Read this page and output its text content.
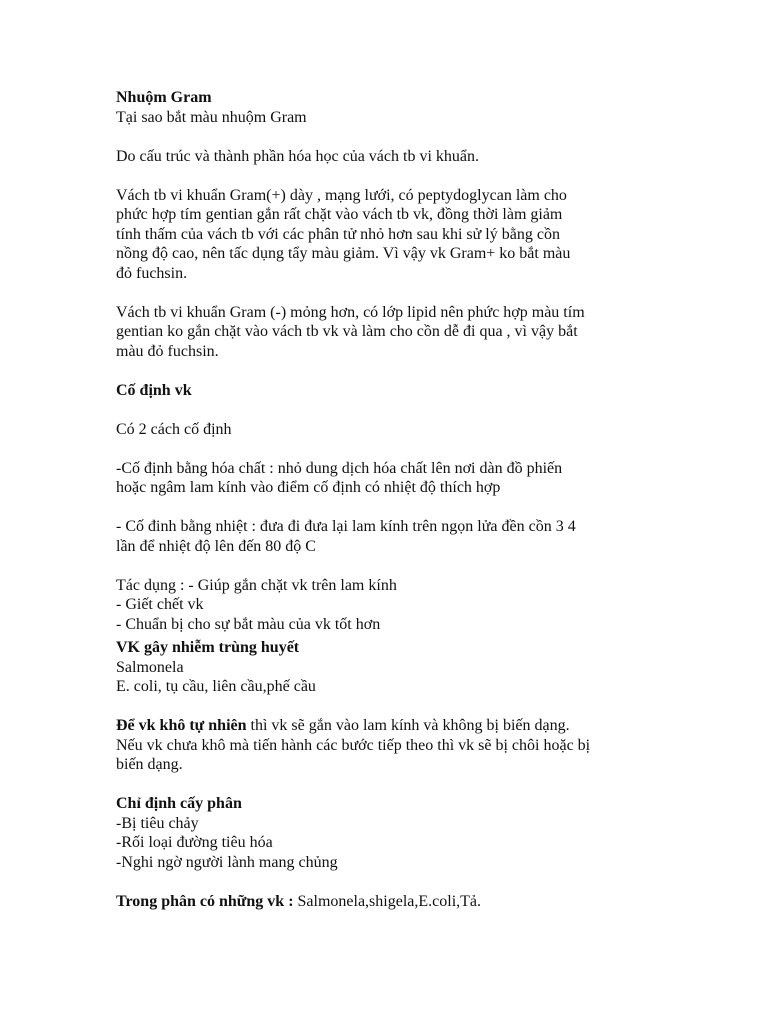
Nhuộm Gram
Tại sao bắt màu nhuộm Gram
Do cấu trúc và thành phần hóa học của vách tb vi khuẩn.
Vách tb vi khuẩn Gram(+) dày , mạng lưới, có peptydoglycan làm cho
phức hợp tím gentian gắn rất chặt vào vách tb vk, đồng thời làm giảm
tính thấm của vách tb với các phân tử nhỏ hơn sau khi sử lý bằng cồn
nồng độ cao, nên tấc dụng tẩy màu giảm. Vì vậy vk Gram+ ko bắt màu
đỏ fuchsin.
Vách tb vi khuẩn Gram (-) mỏng hơn, có lớp lipid nên phức hợp màu tím
gentian ko gắn chặt vào vách tb vk và làm cho cồn dễ đi qua , vì vậy bắt
màu đỏ fuchsin.
Cố định vk
Có 2 cách cố định
-Cố định bằng hóa chất : nhỏ dung dịch hóa chất lên nơi dàn đồ phiến
hoặc ngâm lam kính vào điểm cố định có nhiệt độ thích hợp
- Cố đinh bằng nhiệt : đưa đi đưa lại lam kính trên ngọn lửa đền cồn 3 4
lần để nhiệt độ lên đến 80 độ C
Tác dụng : - Giúp gắn chặt vk trên lam kính
- Giết chết vk
- Chuẩn bị cho sự bắt màu của vk tốt hơn
VK gây nhiễm trùng huyết
Salmonela
E. coli, tụ cầu, liên cầu,phế cầu
Để vk khô tự nhiên thì vk sẽ gắn vào lam kính và không bị biến dạng.
Nếu vk chưa khô mà tiến hành các bước tiếp theo thì vk sẽ bị chôi hoặc bị
biến dạng.
Chỉ định cấy phân
-Bị tiêu chảy
-Rối loại đường tiêu hóa
-Nghi ngờ người lành mang chủng
Trong phân có những vk : Salmonela,shigela,E.coli,Tả.
